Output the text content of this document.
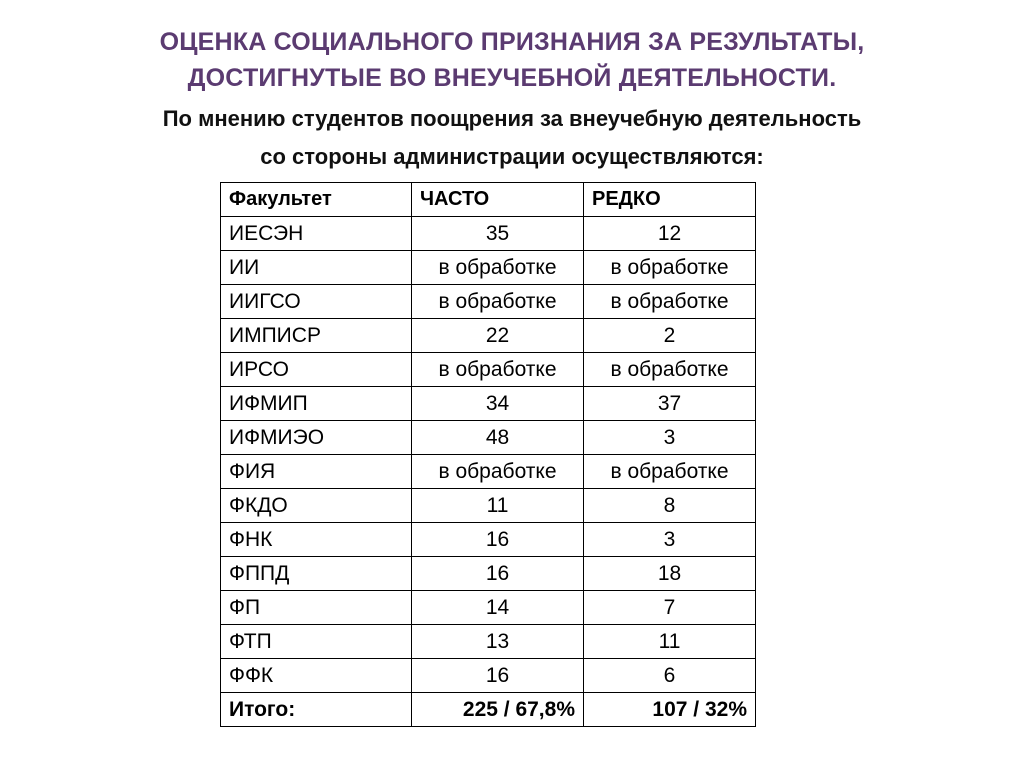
ОЦЕНКА СОЦИАЛЬНОГО ПРИЗНАНИЯ ЗА РЕЗУЛЬТАТЫ,
ДОСТИГНУТЫЕ ВО ВНЕУЧЕБНОЙ ДЕЯТЕЛЬНОСТИ.
По мнению студентов поощрения за внеучебную деятельность
со стороны администрации осуществляются:
Факультет	ЧАСТО	РЕДКО
ИЕСЭН	35	12
ИИ	в обработке	в обработке
ИИГСО	в обработке	в обработке
ИМПИСР	22	2
ИРСО	в обработке	в обработке
ИФМИП	34	37
ИФМИЭО	48	3
ФИЯ	в обработке	в обработке
ФКДО	11	8
ФНК	16	3
ФППД	16	18
ФП	14	7
ФТП	13	11
ФФК	16	6
Итого:	225 / 67,8%	107 / 32%
